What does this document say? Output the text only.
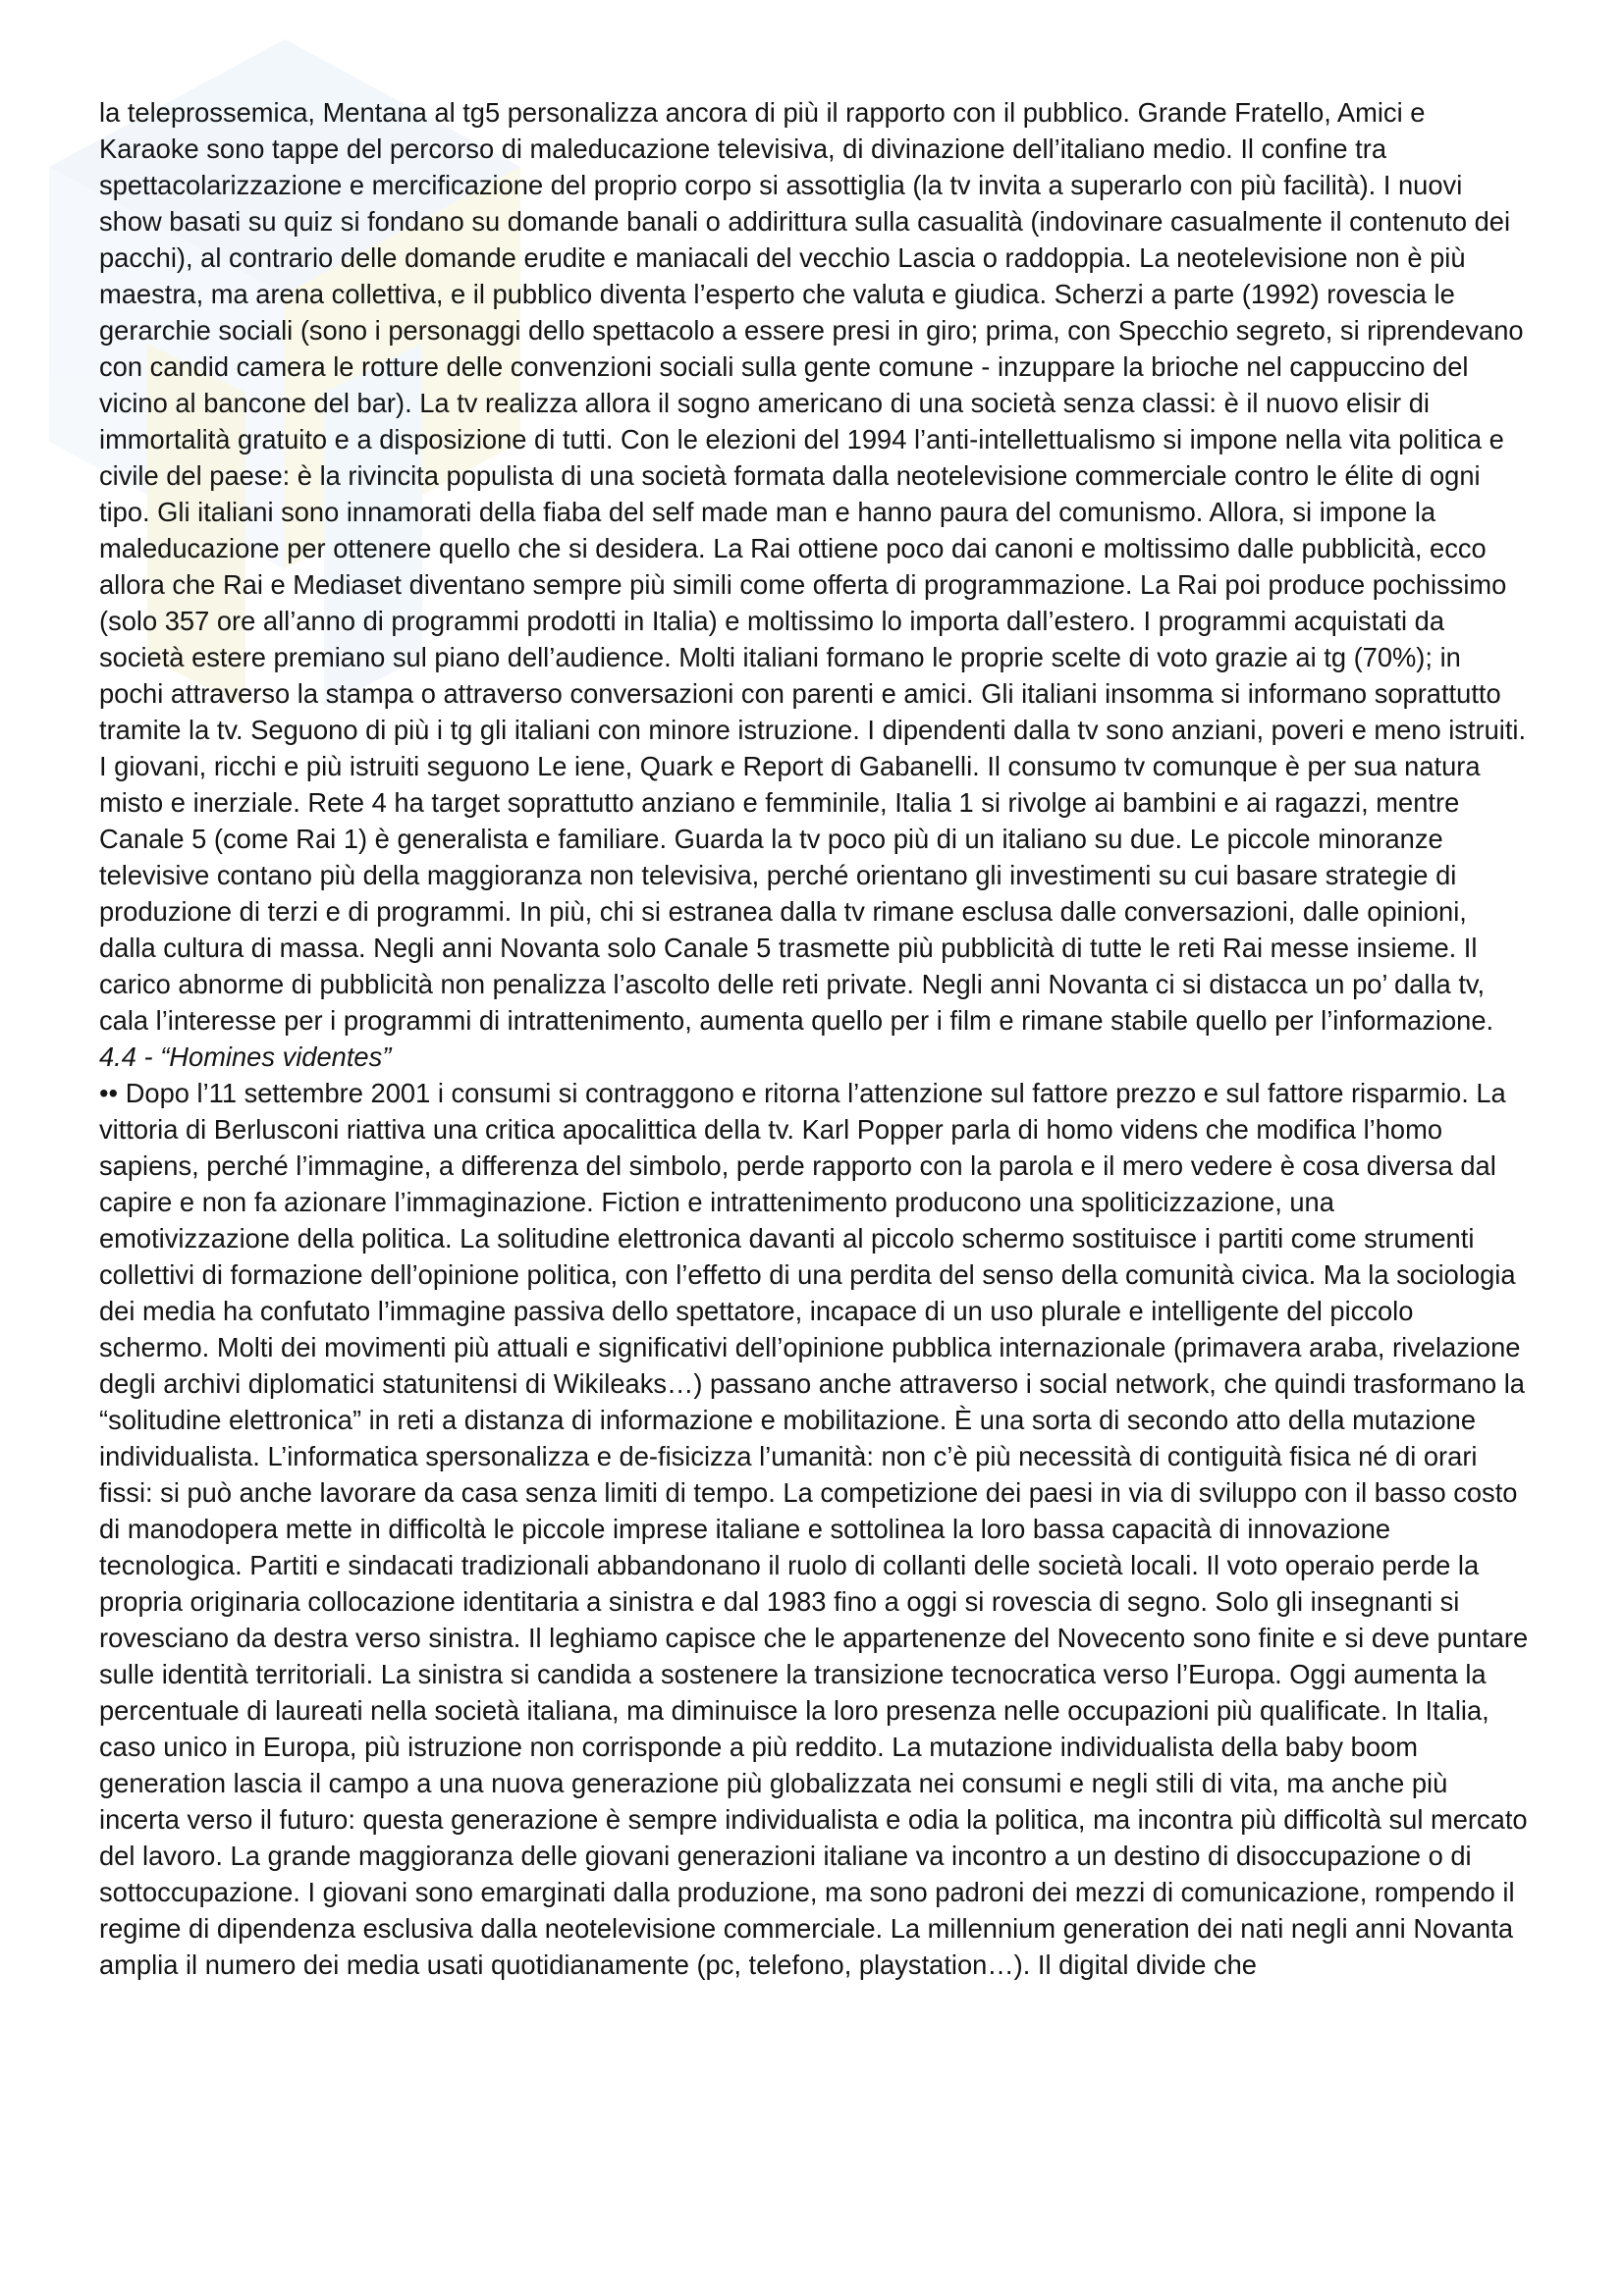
la teleprossemica, Mentana al tg5 personalizza ancora di più il rapporto con il pubblico. Grande Fratello, Amici e Karaoke sono tappe del percorso di maleducazione televisiva, di divinazione dell’italiano medio. Il confine tra spettacolarizzazione e mercificazione del proprio corpo si assottiglia (la tv invita a superarlo con più facilità). I nuovi show basati su quiz si fondano su domande banali o addirittura sulla casualità (indovinare casualmente il contenuto dei pacchi), al contrario delle domande erudite e maniacali del vecchio Lascia o raddoppia. La neotelevisione non è più maestra, ma arena collettiva, e il pubblico diventa l’esperto che valuta e giudica. Scherzi a parte (1992) rovescia le gerarchie sociali (sono i personaggi dello spettacolo a essere presi in giro; prima, con Specchio segreto, si riprendevano con candid camera le rotture delle convenzioni sociali sulla gente comune - inzuppare la brioche nel cappuccino del vicino al bancone del bar). La tv realizza allora il sogno americano di una società senza classi: è il nuovo elisir di immortalità gratuito e a disposizione di tutti. Con le elezioni del 1994 l’anti-intellettualismo si impone nella vita politica e civile del paese: è la rivincita populista di una società formata dalla neotelevisione commerciale contro le élite di ogni tipo. Gli italiani sono innamorati della fiaba del self made man e hanno paura del comunismo. Allora, si impone la maleducazione per ottenere quello che si desidera. La Rai ottiene poco dai canoni e moltissimo dalle pubblicità, ecco allora che Rai e Mediaset diventano sempre più simili come offerta di programmazione. La Rai poi produce pochissimo (solo 357 ore all’anno di programmi prodotti in Italia) e moltissimo lo importa dall’estero. I programmi acquistati da società estere premiano sul piano dell’audience. Molti italiani formano le proprie scelte di voto grazie ai tg (70%); in pochi attraverso la stampa o attraverso conversazioni con parenti e amici. Gli italiani insomma si informano soprattutto tramite la tv. Seguono di più i tg gli italiani con minore istruzione. I dipendenti dalla tv sono anziani, poveri e meno istruiti. I giovani, ricchi e più istruiti seguono Le iene, Quark e Report di Gabanelli. Il consumo tv comunque è per sua natura misto e inerziale. Rete 4 ha target soprattutto anziano e femminile, Italia 1 si rivolge ai bambini e ai ragazzi, mentre Canale 5 (come Rai 1) è generalista e familiare. Guarda la tv poco più di un italiano su due. Le piccole minoranze televisive contano più della maggioranza non televisiva, perché orientano gli investimenti su cui basare strategie di produzione di terzi e di programmi. In più, chi si estranea dalla tv rimane esclusa dalle conversazioni, dalle opinioni, dalla cultura di massa. Negli anni Novanta solo Canale 5 trasmette più pubblicità di tutte le reti Rai messe insieme. Il carico abnorme di pubblicità non penalizza l’ascolto delle reti private. Negli anni Novanta ci si distacca un po’ dalla tv, cala l’interesse per i programmi di intrattenimento, aumenta quello per i film e rimane stabile quello per l’informazione.

4.4 - “Homines videntes”

•• Dopo l’11 settembre 2001 i consumi si contraggono e ritorna l’attenzione sul fattore prezzo e sul fattore risparmio. La vittoria di Berlusconi riattiva una critica apocalittica della tv. Karl Popper parla di homo videns che modifica l’homo sapiens, perché l’immagine, a differenza del simbolo, perde rapporto con la parola e il mero vedere è cosa diversa dal capire e non fa azionare l’immaginazione. Fiction e intrattenimento producono una spoliticizzazione, una emotivizzazione della politica. La solitudine elettronica davanti al piccolo schermo sostituisce i partiti come strumenti collettivi di formazione dell’opinione politica, con l’effetto di una perdita del senso della comunità civica. Ma la sociologia dei media ha confutato l’immagine passiva dello spettatore, incapace di un uso plurale e intelligente del piccolo schermo. Molti dei movimenti più attuali e significativi dell’opinione pubblica internazionale (primavera araba, rivelazione degli archivi diplomatici statunitensi di Wikileaks…) passano anche attraverso i social network, che quindi trasformano la “solitudine elettronica” in reti a distanza di informazione e mobilitazione. È una sorta di secondo atto della mutazione individualista. L’informatica spersonalizza e de-fisicizza l’umanità: non c’è più necessità di contiguità fisica né di orari fissi: si può anche lavorare da casa senza limiti di tempo. La competizione dei paesi in via di sviluppo con il basso costo di manodopera mette in difficoltà le piccole imprese italiane e sottolinea la loro bassa capacità di innovazione tecnologica. Partiti e sindacati tradizionali abbandonano il ruolo di collanti delle società locali. Il voto operaio perde la propria originaria collocazione identitaria a sinistra e dal 1983 fino a oggi si rovescia di segno. Solo gli insegnanti si rovesciano da destra verso sinistra. Il leghiamo capisce che le appartenenze del Novecento sono finite e si deve puntare sulle identità territoriali. La sinistra si candida a sostenere la transizione tecnocratica verso l’Europa. Oggi aumenta la percentuale di laureati nella società italiana, ma diminuisce la loro presenza nelle occupazioni più qualificate. In Italia, caso unico in Europa, più istruzione non corrisponde a più reddito. La mutazione individualista della baby boom generation lascia il campo a una nuova generazione più globalizzata nei consumi e negli stili di vita, ma anche più incerta verso il futuro: questa generazione è sempre individualista e odia la politica, ma incontra più difficoltà sul mercato del lavoro. La grande maggioranza delle giovani generazioni italiane va incontro a un destino di disoccupazione o di sottoccupazione. I giovani sono emarginati dalla produzione, ma sono padroni dei mezzi di comunicazione, rompendo il regime di dipendenza esclusiva dalla neotelevisione commerciale. La millennium generation dei nati negli anni Novanta amplia il numero dei media usati quotidianamente (pc, telefono, playstation…). Il digital divide che
